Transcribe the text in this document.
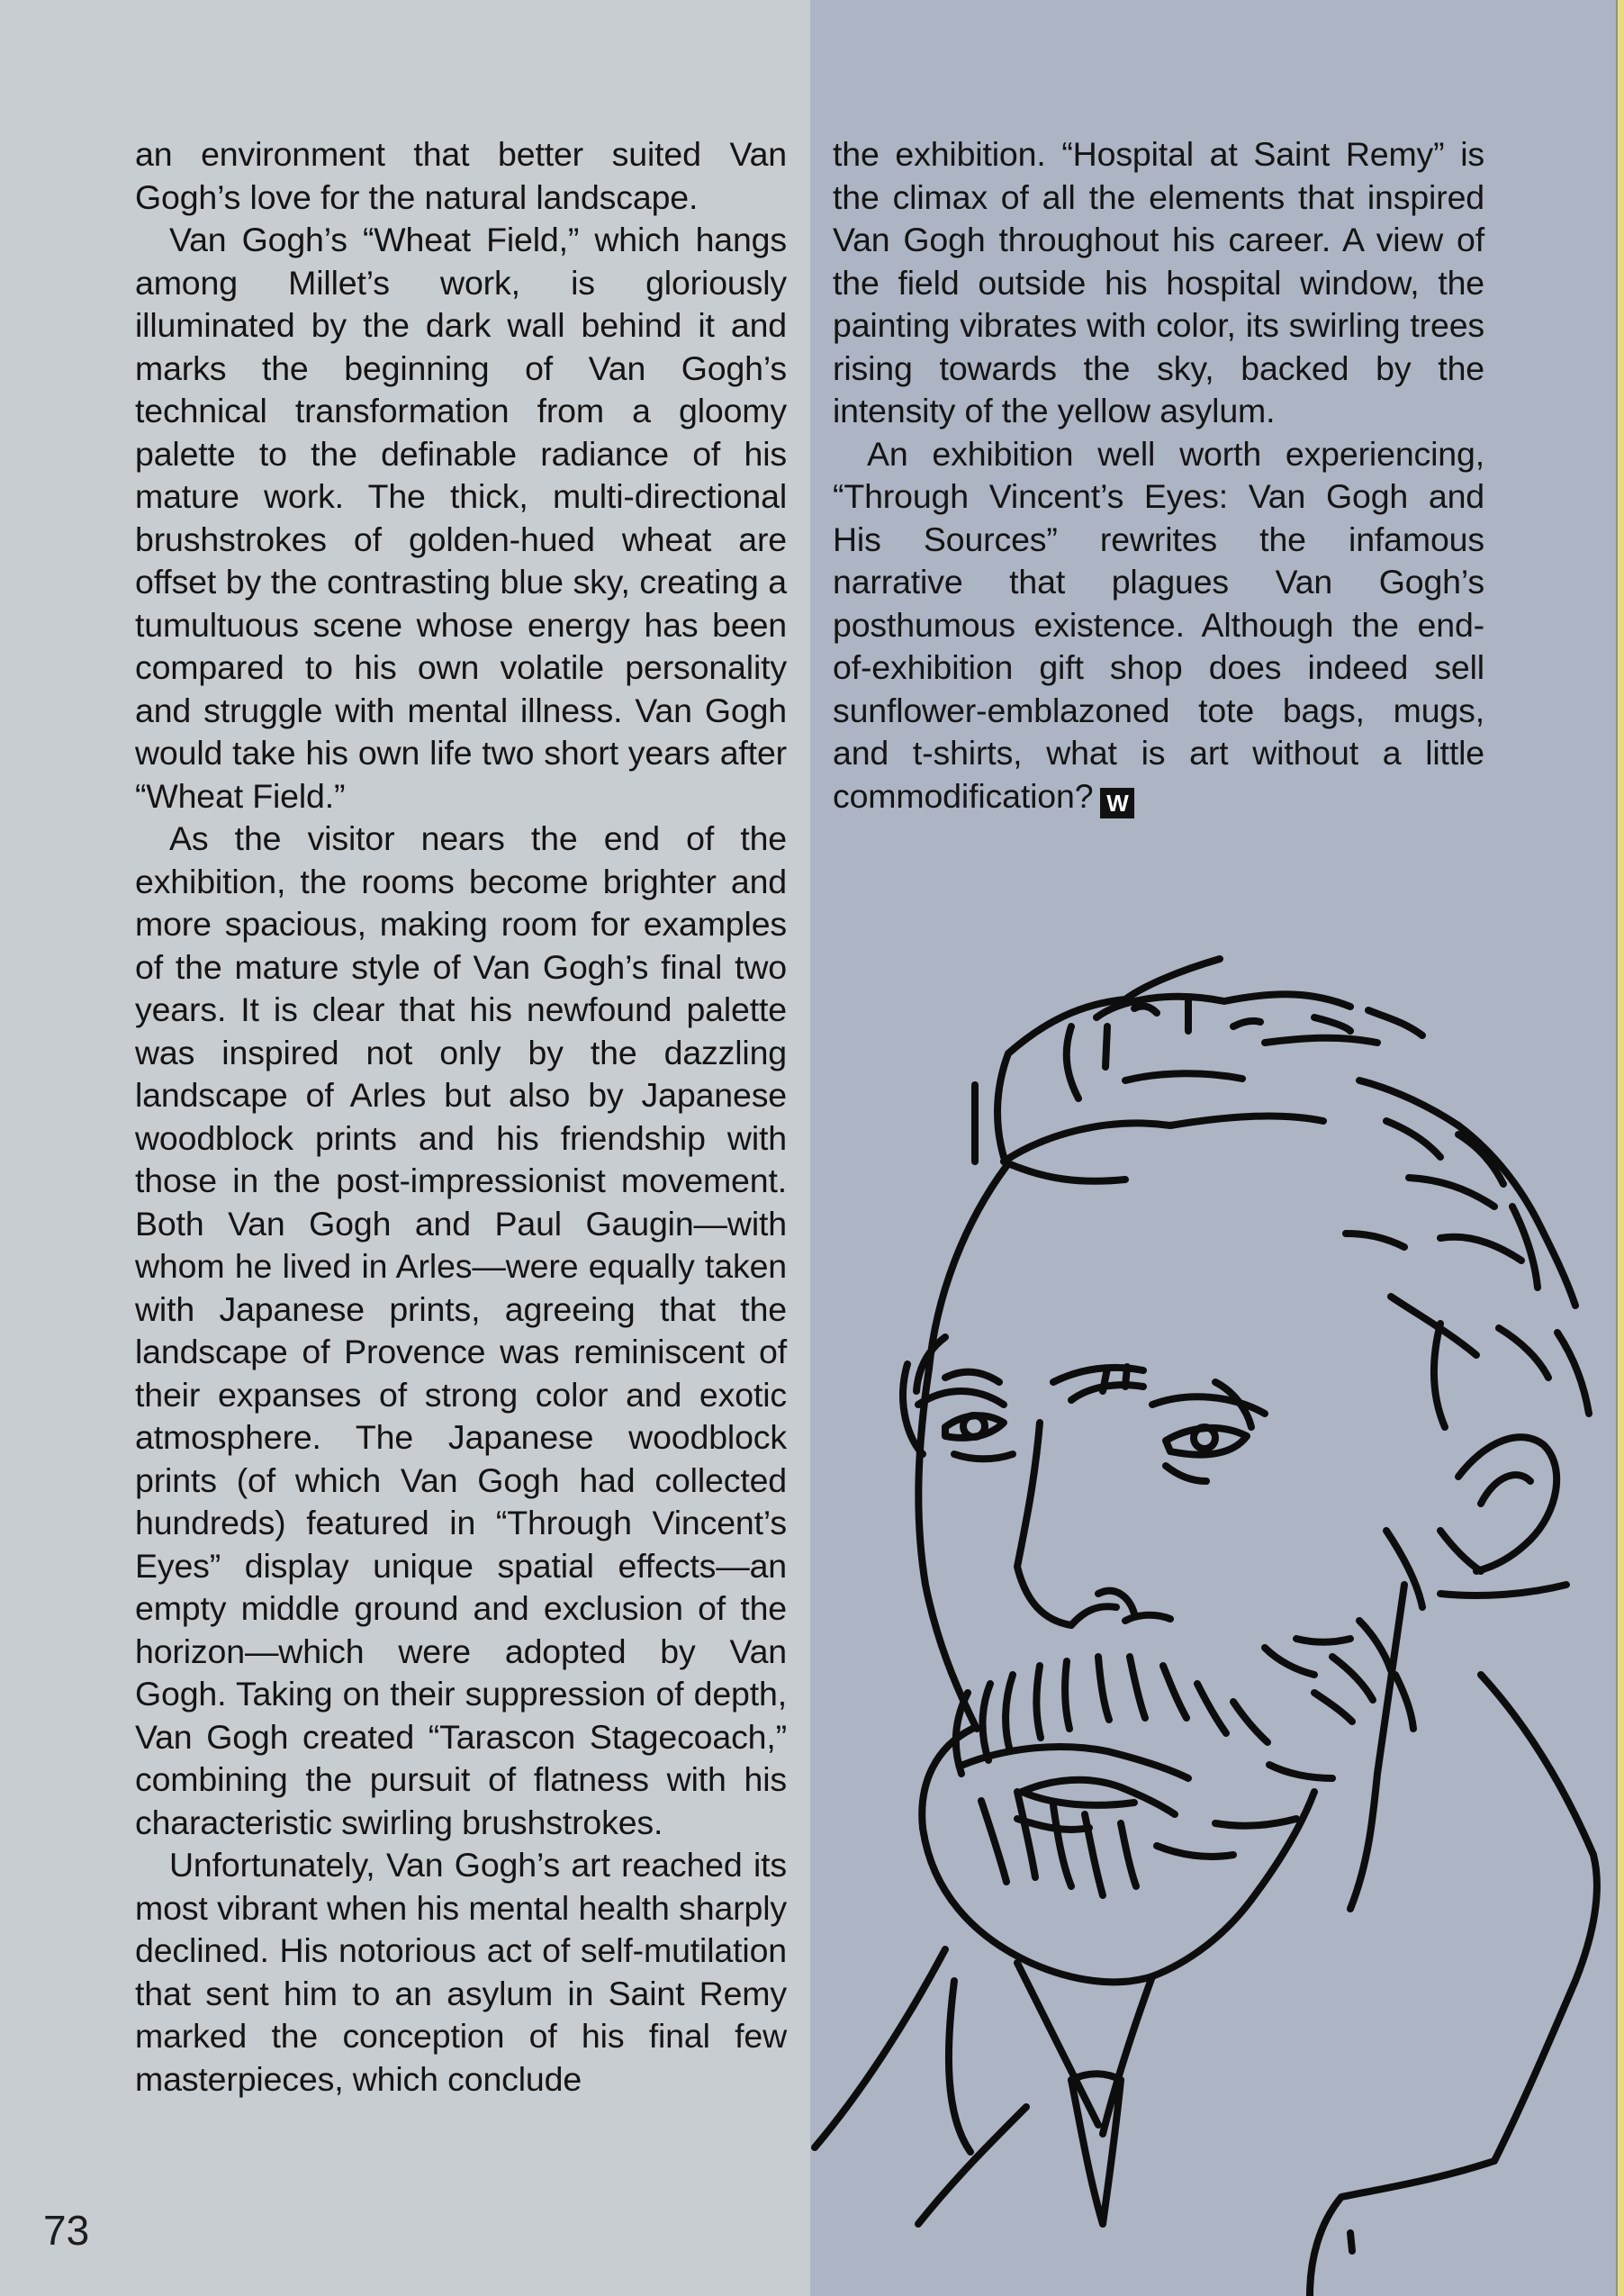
an environment that better suited Van Gogh’s love for the natural landscape.

Van Gogh’s “Wheat Field,” which hangs among Millet’s work, is gloriously illuminated by the dark wall behind it and marks the beginning of Van Gogh’s technical transformation from a gloomy palette to the definable radiance of his mature work. The thick, multi-directional brushstrokes of golden-hued wheat are offset by the contrasting blue sky, creating a tumultuous scene whose energy has been compared to his own volatile personality and struggle with mental illness. Van Gogh would take his own life two short years after “Wheat Field.”

As the visitor nears the end of the exhibition, the rooms become brighter and more spacious, making room for examples of the mature style of Van Gogh’s final two years. It is clear that his newfound palette was inspired not only by the dazzling landscape of Arles but also by Japanese woodblock prints and his friendship with those in the post-impressionist movement. Both Van Gogh and Paul Gaugin—with whom he lived in Arles—were equally taken with Japanese prints, agreeing that the landscape of Provence was reminiscent of their expanses of strong color and exotic atmosphere. The Japanese woodblock prints (of which Van Gogh had collected hundreds) featured in “Through Vincent’s Eyes” display unique spatial effects—an empty middle ground and exclusion of the horizon—which were adopted by Van Gogh. Taking on their suppression of depth, Van Gogh created “Tarascon Stagecoach,” combining the pursuit of flatness with his characteristic swirling brushstrokes.

Unfortunately, Van Gogh’s art reached its most vibrant when his mental health sharply declined. His notorious act of self-mutilation that sent him to an asylum in Saint Remy marked the conception of his final few masterpieces, which conclude

73

the exhibition. “Hospital at Saint Remy” is the climax of all the elements that inspired Van Gogh throughout his career. A view of the field outside his hospital window, the painting vibrates with color, its swirling trees rising towards the sky, backed by the intensity of the yellow asylum.

An exhibition well worth experiencing, “Through Vincent’s Eyes: Van Gogh and His Sources” rewrites the infamous narrative that plagues Van Gogh’s posthumous existence. Although the end-of-exhibition gift shop does indeed sell sunflower-emblazoned tote bags, mugs, and t-shirts, what is art without a little commodification? W
